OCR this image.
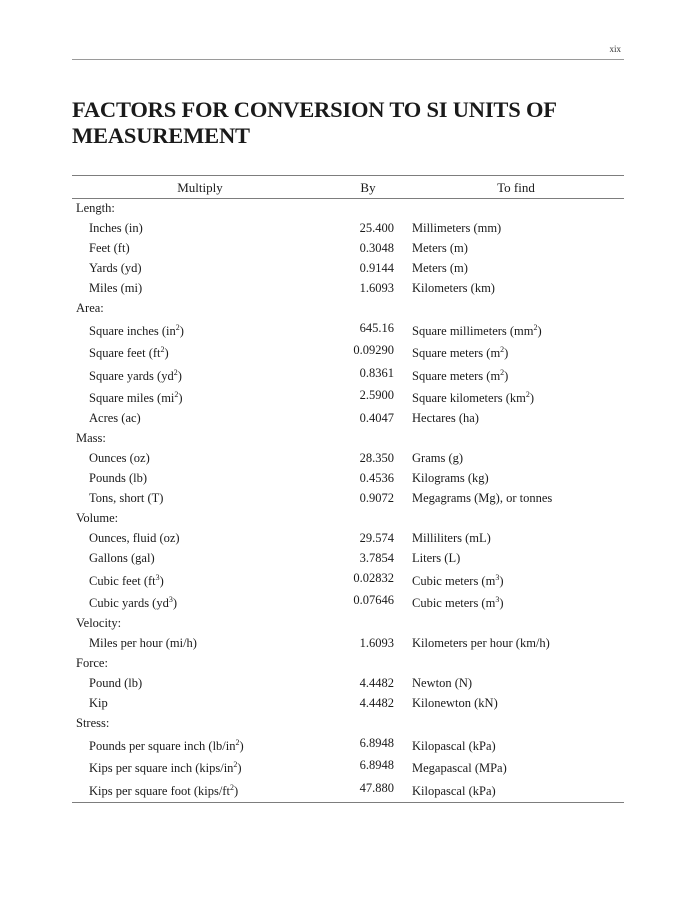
xix
FACTORS FOR CONVERSION TO SI UNITS OF MEASUREMENT
Multiply	By	To find
Length:
Inches (in)	25.400 Millimeters (mm)
Feet (ft)	0.3048 Meters (m)
Yards (yd)	0.9144 Meters (m)
Miles (mi)	1.6093 Kilometers (km)
Area:
Square inches $(in^2)$	645.16 Square millimeters $(mm^2)$
Square feet $(ft^2)$	0.09290 Square meters $(m^2)$
Square yards $(yd^2)$	0.8361 Square meters $(m^2)$
Square miles $(mi^2)$	2.5900 Square kilometers $(km^2)$
Acres (ac)	0.4047 Hectares (ha)
Mass:
Ounces (oz)	28.350 Grams (g)
Pounds (lb)	0.4536 Kilograms (kg)
Tons, short (T)	0.9072 Megagrams (Mg), or tonnes
Volume:
Ounces, fluid (oz)	29.574 Milliliters (mL)
Gallons (gal)	3.7854 Liters (L)
Cubic feet $(ft^3)$	0.02832 Cubic meters $(m^3)$
Cubic yards $(yd^3)$	0.07646 Cubic meters $(m^3)$
Velocity:
Miles per hour (mi/h)	1.6093 Kilometers per hour (km/h)
Force:
Pound (lb)	4.4482 Newton (N)
Kip	4.4482 Kilonewton (kN)
Stress:
Pounds per square inch $(lb/in^2)$	6.8948 Kilopascal (kPa)
Kips per square inch $(kips/in^2)$	6.8948 Megapascal (MPa)
Kips per square foot $(kips/ft^2)$	47.880 Kilopascal (kPa)
